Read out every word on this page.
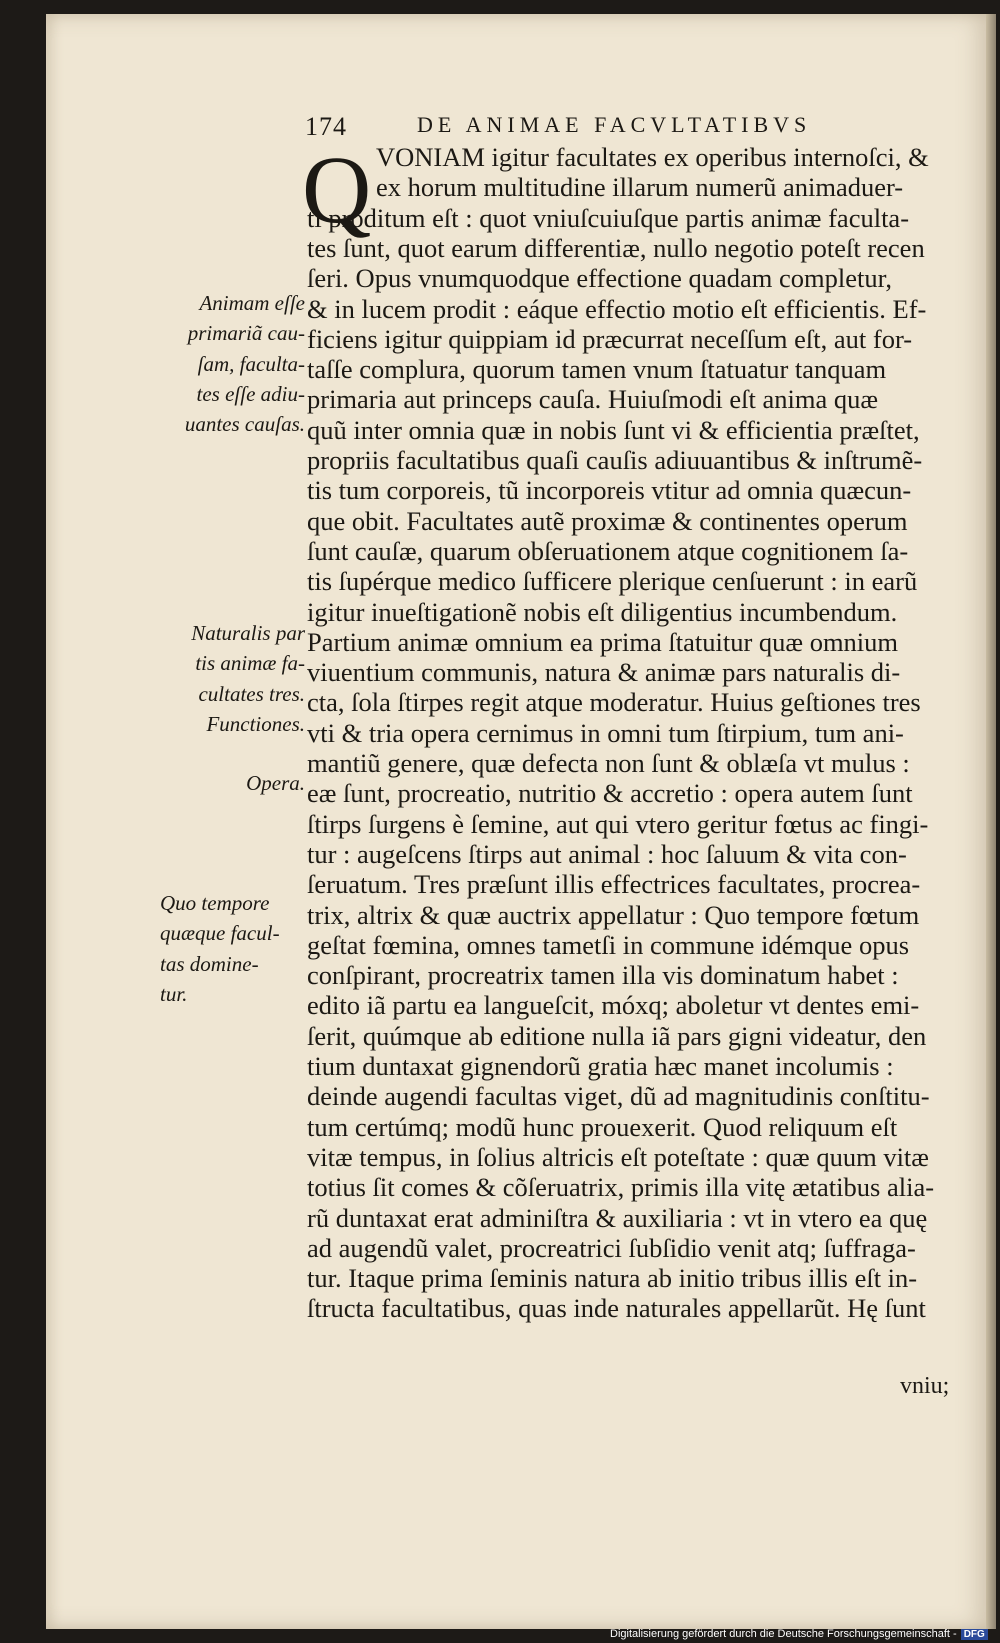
174	DE ANIMAE FACVLTATIBVS
Q VONIAM igitur facultates ex operibus internoſci, &
ex horum multitudine illarum numerũ animaduer-
ti proditum eſt : quot vniuſcuiuſque partis animæ faculta-
tes ſunt, quot earum differentiæ, nullo negotio poteſt recen
ſeri. Opus vnumquodque effectione quadam completur,
& in lucem prodit : eáque effectio motio eſt efficientis. Ef-
ficiens igitur quippiam id præcurrat neceſſum eſt, aut for-
taſſe complura, quorum tamen vnum ſtatuatur tanquam
primaria aut princeps cauſa. Huiuſmodi eſt anima quæ
quũ inter omnia quæ in nobis ſunt vi & efficientia præſtet,
propriis facultatibus quaſi cauſis adiuuantibus & inſtrumẽ-
tis tum corporeis, tũ incorporeis vtitur ad omnia quæcun-
que obit. Facultates autẽ proximæ & continentes operum
ſunt cauſæ, quarum obſeruationem atque cognitionem ſa-
tis ſupérque medico ſufficere plerique cenſuerunt : in earũ
igitur inueſtigationẽ nobis eſt diligentius incumbendum.
Partium animæ omnium ea prima ſtatuitur quæ omnium
viuentium communis, natura & animæ pars naturalis di-
cta, ſola ſtirpes regit atque moderatur. Huius geſtiones tres
vti & tria opera cernimus in omni tum ſtirpium, tum ani-
mantiũ genere, quæ defecta non ſunt & oblæſa vt mulus :
eæ ſunt, procreatio, nutritio & accretio : opera autem ſunt
ſtirps ſurgens è ſemine, aut qui vtero geritur fœtus ac fingi-
tur : augeſcens ſtirps aut animal : hoc ſaluum & vita con-
ſeruatum. Tres præſunt illis effectrices facultates, procrea-
trix, altrix & quæ auctrix appellatur : Quo tempore fœtum
geſtat fœmina, omnes tametſi in commune idémque opus
conſpirant, procreatrix tamen illa vis dominatum habet :
edito iã partu ea langueſcit, móxq; aboletur vt dentes emi-
ſerit, quúmque ab editione nulla iã pars gigni videatur, den
tium duntaxat gignendorũ gratia hæc manet incolumis :
deinde augendi facultas viget, dũ ad magnitudinis conſtitu-
tum certúmq; modũ hunc prouexerit. Quod reliquum eſt
vitæ tempus, in ſolius altricis eſt poteſtate : quæ quum vitæ
totius ſit comes & cõſeruatrix, primis illa vitę ætatibus alia-
rũ duntaxat erat adminiſtra & auxiliaria : vt in vtero ea quę
ad augendũ valet, procreatrici ſubſidio venit atq; ſuffraga-
tur. Itaque prima ſeminis natura ab initio tribus illis eſt in-
ſtructa facultatibus, quas inde naturales appellarũt. Hę ſunt
Animam eſſe
primariã cau-
ſam, faculta-
tes eſſe adiu-
uantes cauſas.
Naturalis par
tis animæ fa-
cultates tres.
Functiones.
Opera.
Quo tempore
quæque facul-
tas domine-
tur.
vniu;
Digitalisierung gefördert durch die Deutsche Forschungsgemeinschaft - DFG
